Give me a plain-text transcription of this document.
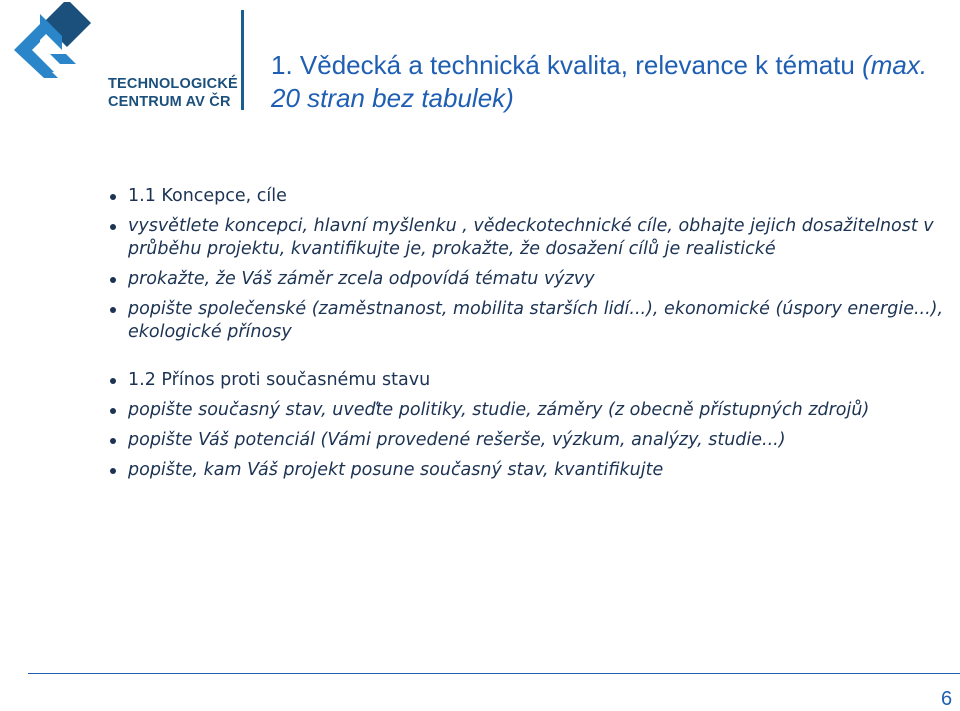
TECHNOLOGICKÉ
CENTRUM AV ČR
1. Vědecká a technická kvalita, relevance k tématu (max. 20 stran bez tabulek)
1.1 Koncepce, cíle
vysvětlete koncepci, hlavní myšlenku , vědeckotechnické cíle, obhajte jejich dosažitelnost v průběhu projektu, kvantifikujte je, prokažte, že dosažení cílů je realistické
prokažte, že Váš záměr zcela odpovídá tématu výzvy
popište společenské (zaměstnanost, mobilita starších lidí...), ekonomické (úspory energie...), ekologické přínosy
1.2 Přínos proti současnému stavu
popište současný stav, uveďte politiky, studie, záměry (z obecně přístupných zdrojů)
popište Váš potenciál (Vámi provedené rešerše, výzkum, analýzy, studie...)
popište, kam Váš projekt posune současný stav, kvantifikujte
6
